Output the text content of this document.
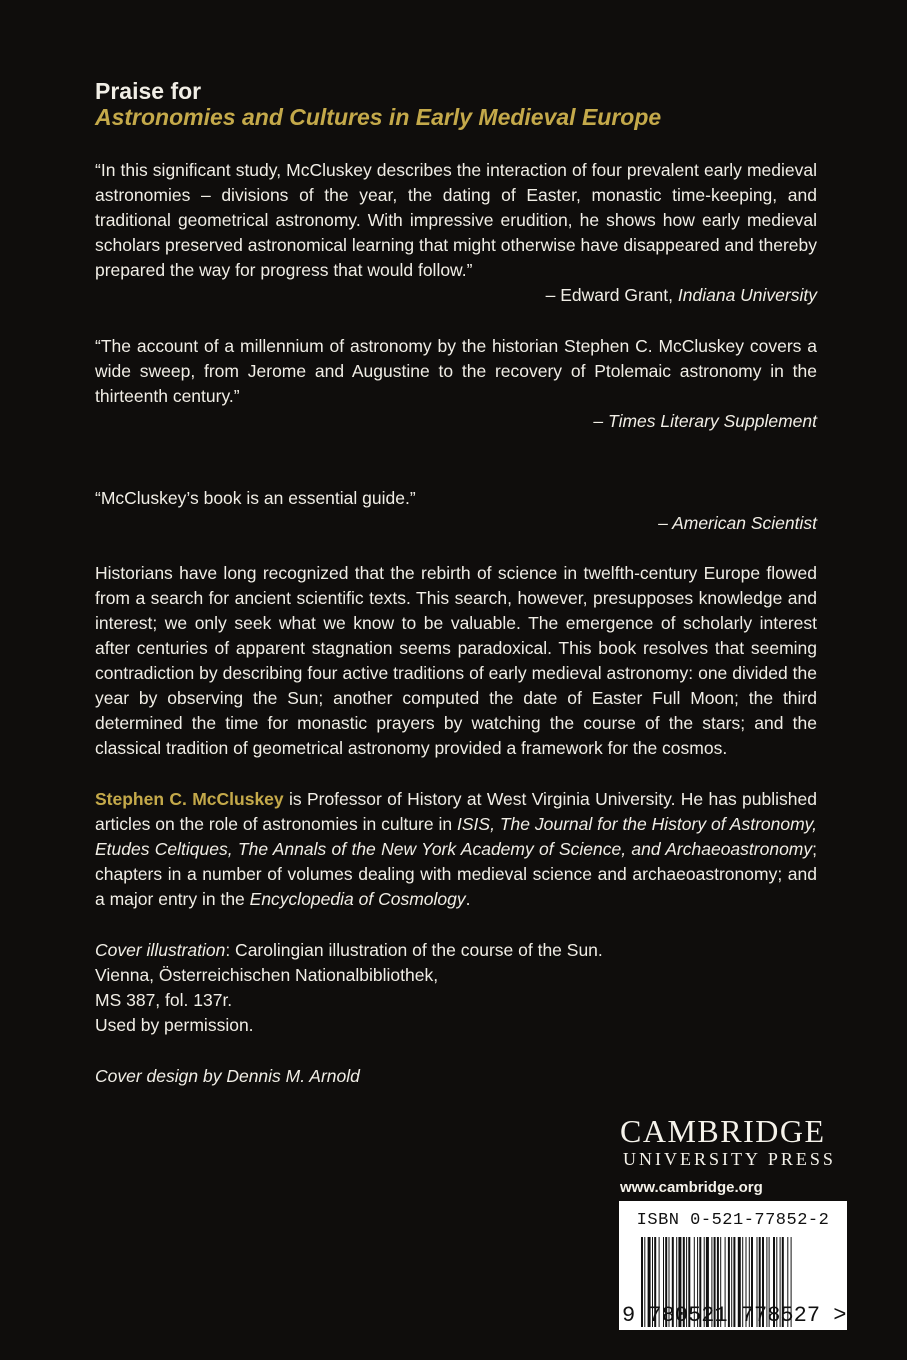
Praise for
Astronomies and Cultures in Early Medieval Europe

“In this significant study, McCluskey describes the interaction of four prevalent early medieval astronomies – divisions of the year, the dating of Easter, monastic time-keeping, and traditional geometrical astronomy. With impressive erudition, he shows how early medieval scholars preserved astronomical learning that might otherwise have disappeared and thereby prepared the way for progress that would follow.”

– Edward Grant, Indiana University

“The account of a millennium of astronomy by the historian Stephen C. McCluskey covers a wide sweep, from Jerome and Augustine to the recovery of Ptolemaic astronomy in the thirteenth century.”

– Times Literary Supplement

“McCluskey’s book is an essential guide.”

– American Scientist

Historians have long recognized that the rebirth of science in twelfth-century Europe flowed from a search for ancient scientific texts. This search, however, presupposes knowledge and interest; we only seek what we know to be valuable. The emergence of scholarly interest after centuries of apparent stagnation seems paradoxical. This book resolves that seeming contradiction by describing four active traditions of early medieval astronomy: one divided the year by observing the Sun; another computed the date of Easter Full Moon; the third determined the time for monastic prayers by watching the course of the stars; and the classical tradition of geometrical astronomy provided a framework for the cosmos.

Stephen C. McCluskey is Professor of History at West Virginia University. He has published articles on the role of astronomies in culture in ISIS, The Journal for the History of Astronomy, Etudes Celtiques, The Annals of the New York Academy of Science, and Archaeoastronomy; chapters in a number of volumes dealing with medieval science and archaeoastronomy; and a major entry in the Encyclopedia of Cosmology.

Cover illustration: Carolingian illustration of the course of the Sun.
Vienna, Österreichischen Nationalbibliothek,
MS 387, fol. 137r.
Used by permission.
Cover design by Dennis M. Arnold
CAMBRIDGE
UNIVERSITY PRESS
www.cambridge.org
ISBN 0-521-77852-2
9 780521 778527 >
